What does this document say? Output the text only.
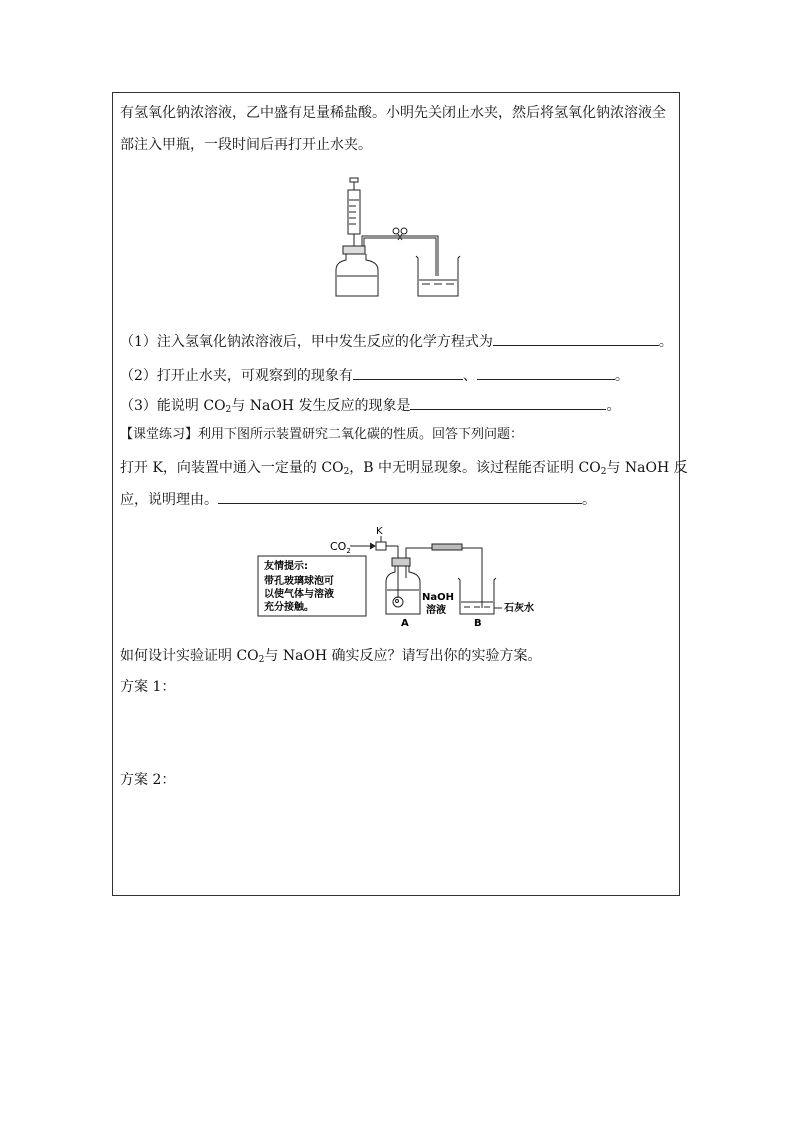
有氢氧化钠浓溶液，乙中盛有足量稀盐酸。小明先关闭止水夹，然后将氢氧化钠浓溶液全
部注入甲瓶，一段时间后再打开止水夹。
（1）注入氢氧化钠浓溶液后，甲中发生反应的化学方程式为	。
（2）打开止水夹，可观察到的现象有	、	。
（3）能说明 CO2与 NaOH 发生反应的现象是	。
【课堂练习】利用下图所示装置研究二氧化碳的性质。回答下列问题：
打开 K，向装置中通入一定量的 CO2，B 中无明显现象。该过程能否证明 CO2与 NaOH 反
应，说明理由。	。
$CO_2$
K
友情提示:
带孔玻璃球泡可
以使气体与溶液
充分接触。
NaOH
溶液	石灰水
A	B
如何设计实验证明 CO2与 NaOH 确实反应？请写出你的实验方案。
方案 1：
方案 2：
